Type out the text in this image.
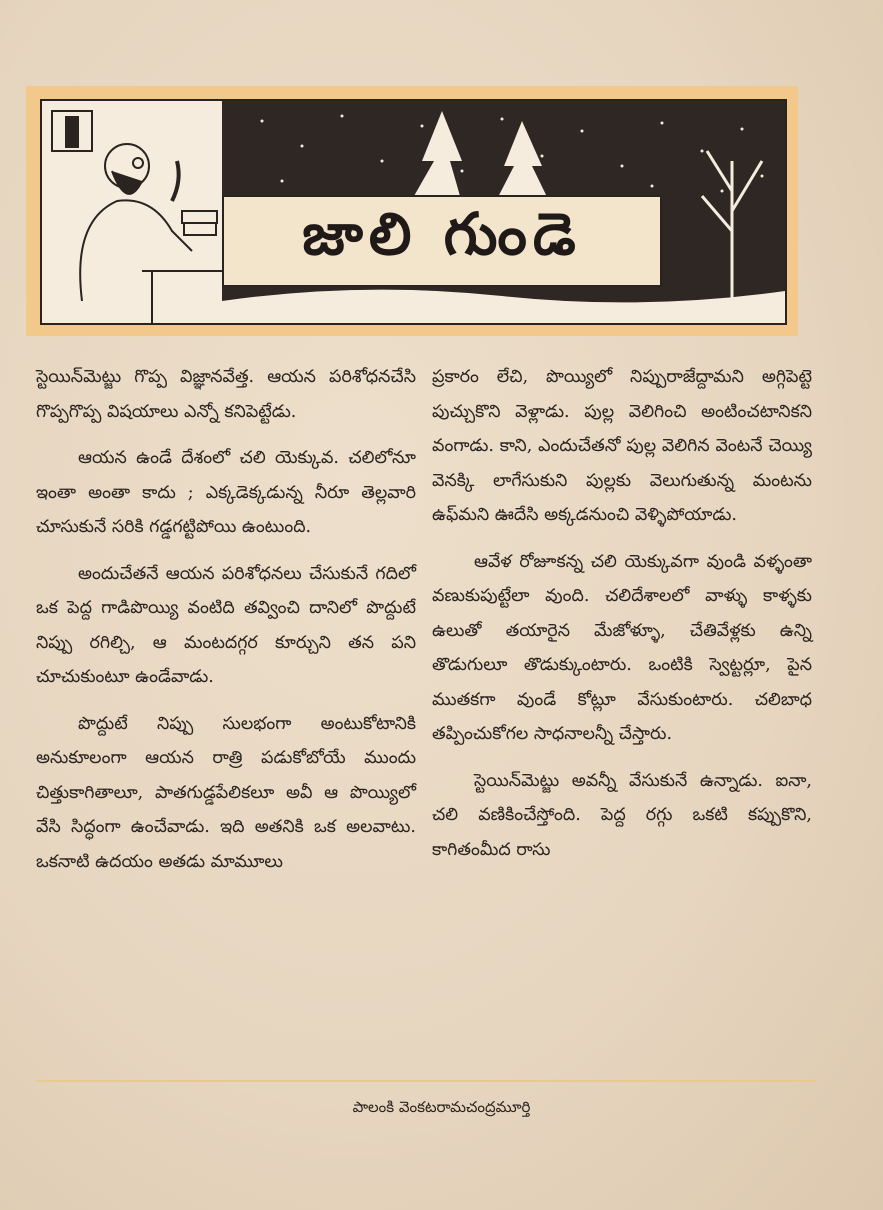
జాలి గుండె

స్టెయిన్‌మెట్జు గొప్ప విజ్ఞానవేత్త. ఆయన పరిశోధనచేసి గొప్పగొప్ప విషయాలు ఎన్నో కనిపెట్టేడు.

ఆయన ఉండే దేశంలో చలి యెక్కువ. చలిలోనూ ఇంతా అంతా కాదు ; ఎక్కడెక్కడున్న నీరూ తెల్లవారి చూసుకునే సరికి గడ్డగట్టిపోయి ఉంటుంది.

అందుచేతనే ఆయన పరిశోధనలు చేసుకునే గదిలో ఒక పెద్ద గాడిపొయ్యి వంటిది తవ్వించి దానిలో పొద్దుటే నిప్పు రగిల్చి, ఆ మంటదగ్గర కూర్చుని తన పని చూచుకుంటూ ఉండేవాడు.

పొద్దుటే నిప్పు సులభంగా అంటుకోటానికి అనుకూలంగా ఆయన రాత్రి పడుకోబోయే ముందు చిత్తుకాగితాలూ, పాతగుడ్డపేలికలూ అవీ ఆ పొయ్యిలో వేసి సిద్ధంగా ఉంచేవాడు. ఇది అతనికి ఒక అలవాటు. ఒకనాటి ఉదయం అతడు మామూలు

ప్రకారం లేచి, పొయ్యిలో నిప్పురాజేద్దామని అగ్గిపెట్టె పుచ్చుకొని వెళ్లాడు. పుల్ల వెలిగించి అంటించటానికని వంగాడు. కాని, ఎందుచేతనో పుల్ల వెలిగిన వెంటనే చెయ్యి వెనక్కి లాగేసుకుని పుల్లకు వెలుగుతున్న మంటను ఉఫ్‌మని ఊదేసి అక్కడనుంచి వెళ్ళిపోయాడు.

ఆవేళ రోజూకన్న చలి యెక్కువగా వుండి వళ్ళంతా వణుకుపుట్టేలా వుంది. చలిదేశాలలో వాళ్ళు కాళ్ళకు ఉలుతో తయారైన మేజోళ్ళూ, చేతివేళ్లకు ఉన్ని తొడుగులూ తొడుక్కుంటారు. ఒంటికి స్వెట్టర్లూ, పైన ముతకగా వుండే కోట్లూ వేసుకుంటారు. చలిబాధ తప్పించుకోగల సాధనాలన్నీ చేస్తారు.

స్టెయిన్‌మెట్జు అవన్నీ వేసుకునే ఉన్నాడు. ఐనా, చలి వణికించేస్తోంది. పెద్ద రగ్గు ఒకటి కప్పుకొని, కాగితంమీద రాసు

పాలంకి వెంకటరామచంద్రమూర్తి
